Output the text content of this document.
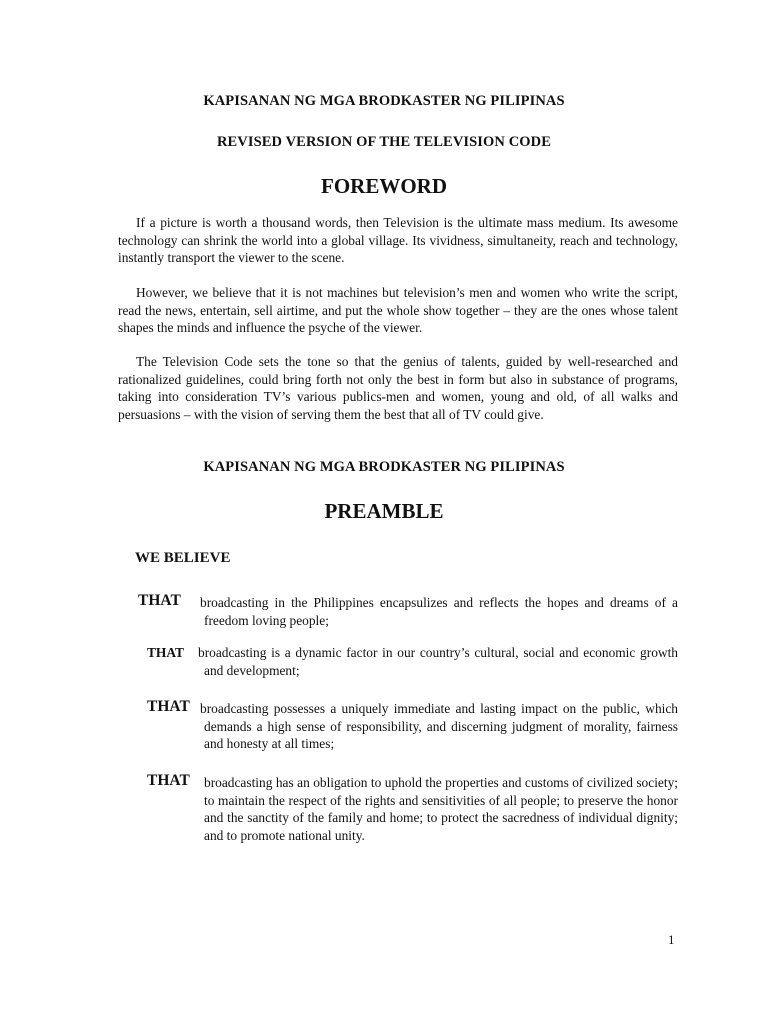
KAPISANAN NG MGA BRODKASTER NG PILIPINAS

REVISED VERSION OF THE TELEVISION CODE

FOREWORD

If a picture is worth a thousand words, then Television is the ultimate mass medium. Its awesome technology can shrink the world into a global village. Its vividness, simultaneity, reach and technology, instantly transport the viewer to the scene.

However, we believe that it is not machines but television’s men and women who write the script, read the news, entertain, sell airtime, and put the whole show together – they are the ones whose talent shapes the minds and influence the psyche of the viewer.

The Television Code sets the tone so that the genius of talents, guided by well-researched and rationalized guidelines, could bring forth not only the best in form but also in substance of programs, taking into consideration TV’s various publics-men and women, young and old, of all walks and persuasions – with the vision of serving them the best that all of TV could give.

KAPISANAN NG MGA BRODKASTER NG PILIPINAS

PREAMBLE

WE BELIEVE

THAT broadcasting in the Philippines encapsulizes and reflects the hopes and dreams of a freedom loving people;

THAT broadcasting is a dynamic factor in our country’s cultural, social and economic growth and development;

THAT broadcasting possesses a uniquely immediate and lasting impact on the public, which demands a high sense of responsibility, and discerning judgment of morality, fairness and honesty at all times;

THAT broadcasting has an obligation to uphold the properties and customs of civilized society; to maintain the respect of the rights and sensitivities of all people; to preserve the honor and the sanctity of the family and home; to protect the sacredness of individual dignity; and to promote national unity.

1
